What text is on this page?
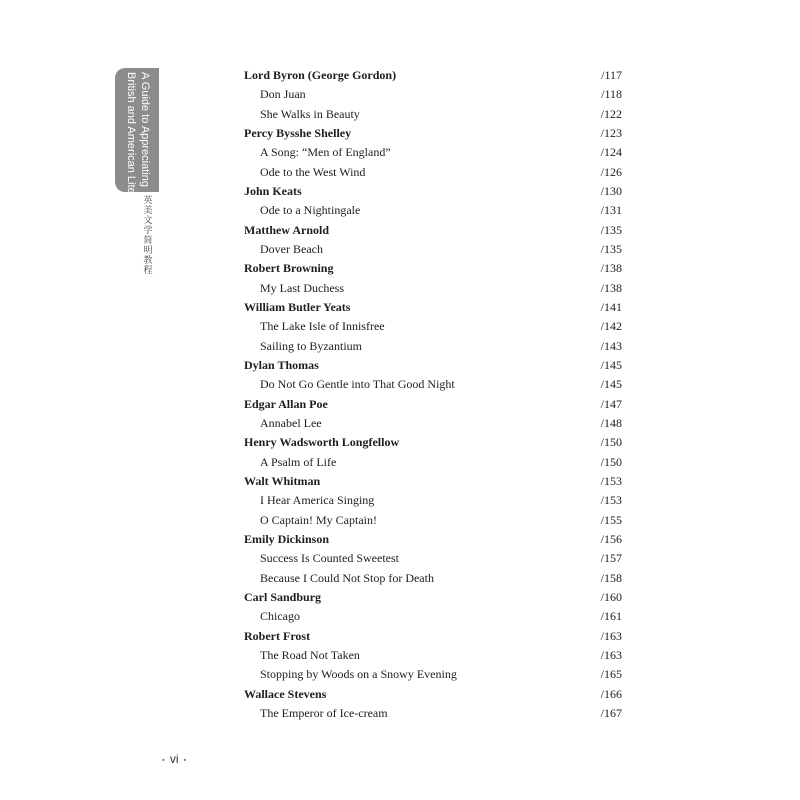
A Guide to Appreciating
British and American Literature 英美文学简明教程
Lord Byron (George Gordon)	/117
Don Juan	/118
She Walks in Beauty	/122
Percy Bysshe Shelley	/123
A Song: “Men of England”	/124
Ode to the West Wind	/126
John Keats	/130
Ode to a Nightingale	/131
Matthew Arnold	/135
Dover Beach	/135
Robert Browning	/138
My Last Duchess	/138
William Butler Yeats	/141
The Lake Isle of Innisfree	/142
Sailing to Byzantium	/143
Dylan Thomas	/145
Do Not Go Gentle into That Good Night	/145
Edgar Allan Poe	/147
Annabel Lee	/148
Henry Wadsworth Longfellow	/150
A Psalm of Life	/150
Walt Whitman	/153
I Hear America Singing	/153
O Captain! My Captain!	/155
Emily Dickinson	/156
Success Is Counted Sweetest	/157
Because I Could Not Stop for Death	/158
Carl Sandburg	/160
Chicago	/161
Robert Frost	/163
The Road Not Taken	/163
Stopping by Woods on a Snowy Evening	/165
Wallace Stevens	/166
The Emperor of Ice-cream	/167
• vi •
